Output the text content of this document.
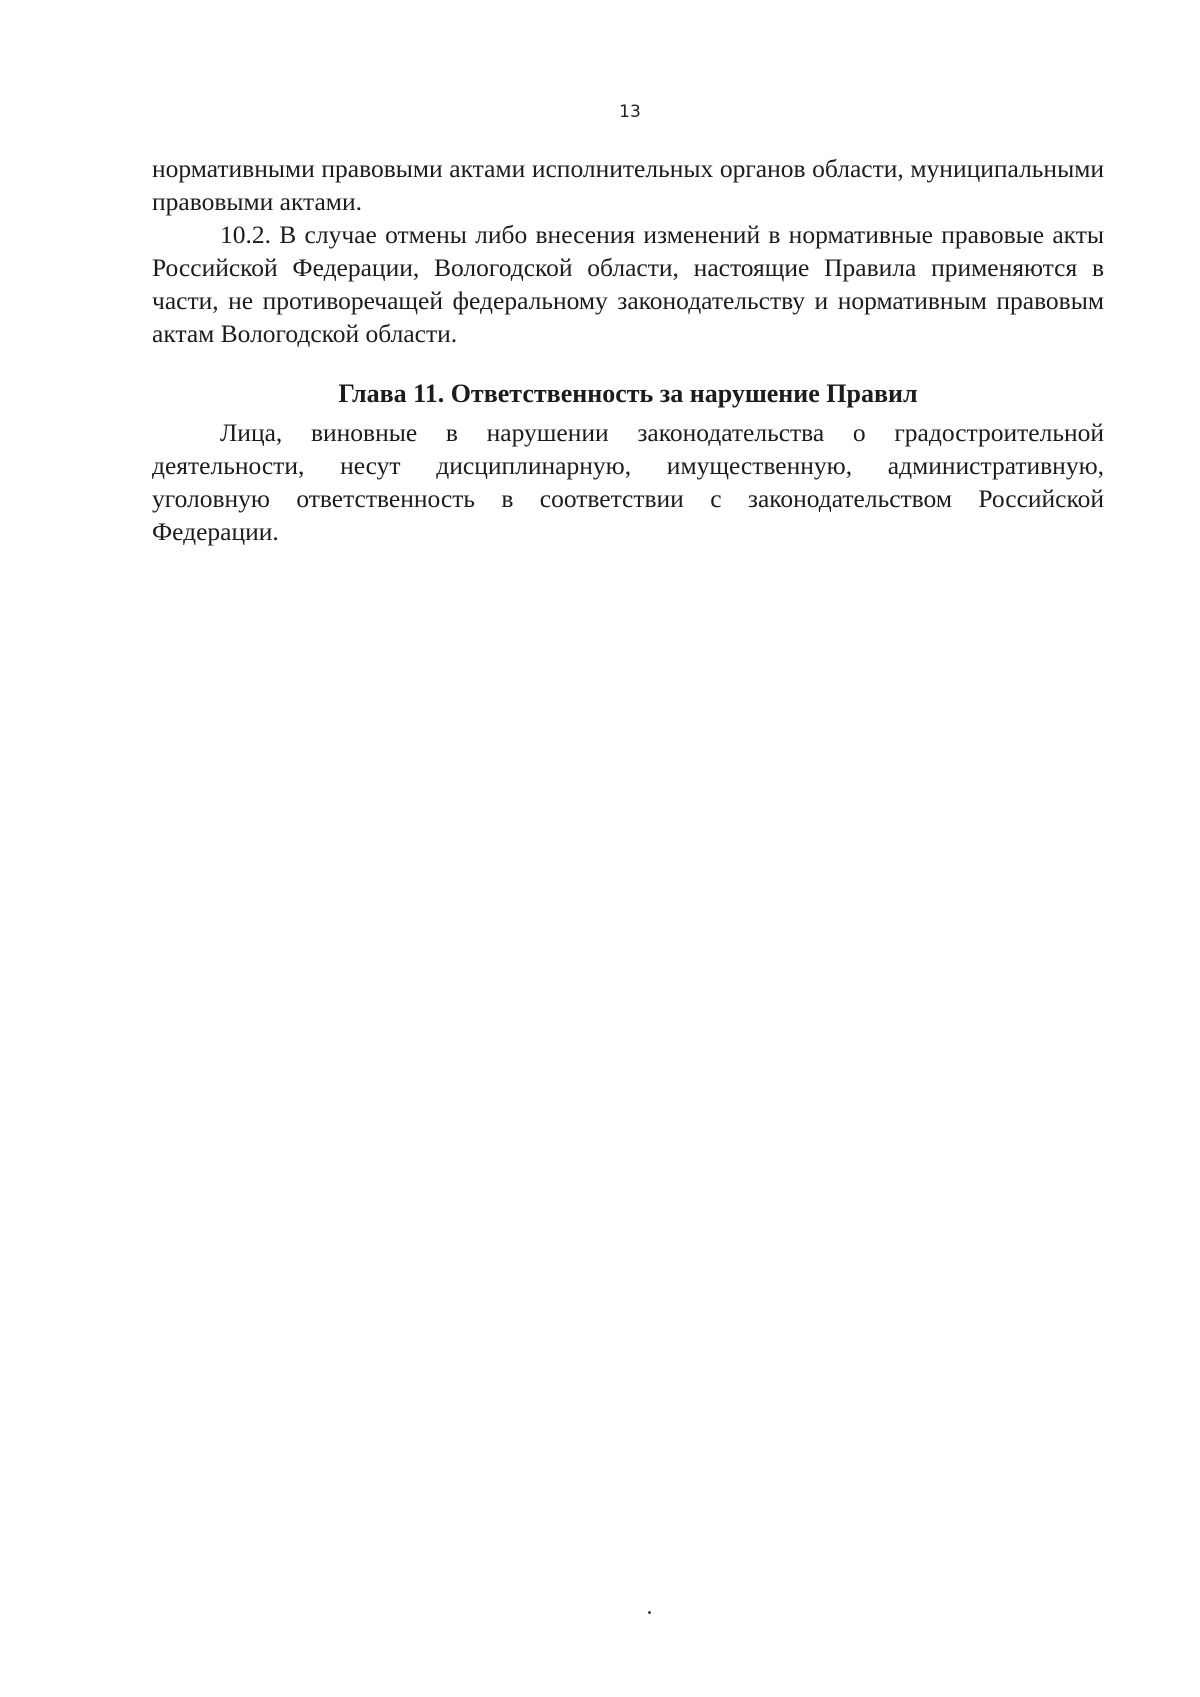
13

нормативными правовыми актами исполнительных органов области, муниципальными правовыми актами.

10.2. В случае отмены либо внесения изменений в нормативные правовые акты Российской Федерации, Вологодской области, настоящие Правила применяются в части, не противоречащей федеральному законодательству и нормативным правовым актам Вологодской области.

Глава 11. Ответственность за нарушение Правил

Лица, виновные в нарушении законодательства о градостроительной деятельности, несут дисциплинарную, имущественную, административную, уголовную ответственность в соответствии с законодательством Российской Федерации.
